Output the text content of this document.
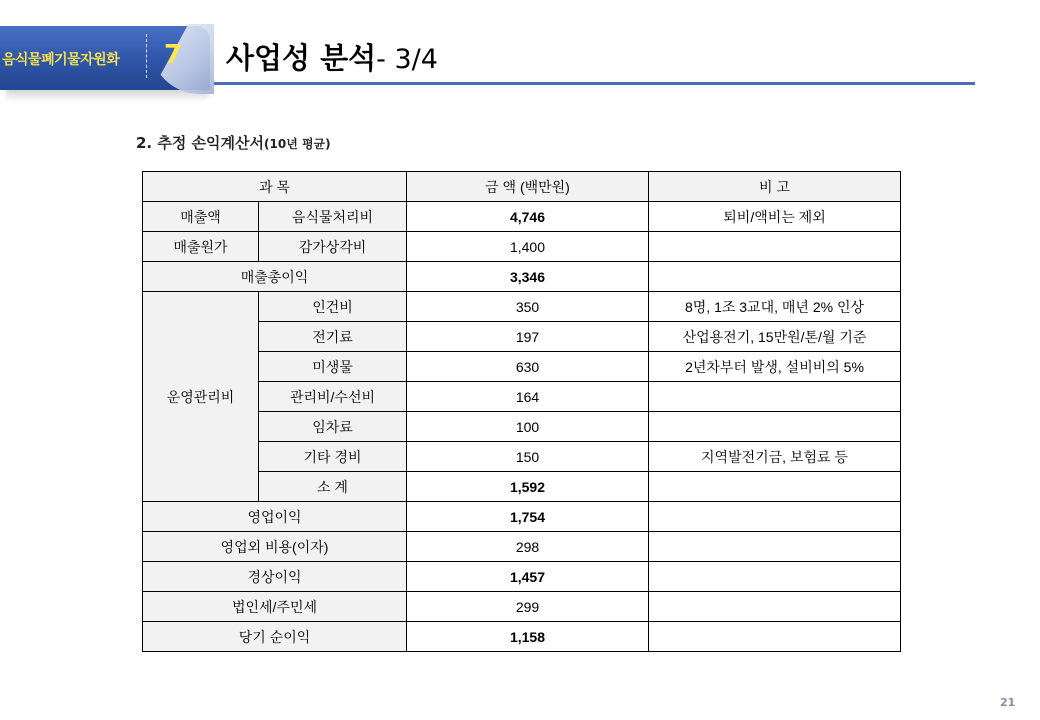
음식물폐기물자원화 7 사업성 분석- 3/4
2. 추정 손익계산서(10년 평균)
과 목		금 액 (백만원)	비 고
매출액	음식물처리비	4,746	퇴비/액비는 제외
매출원가	감가상각비	1,400	
매출총이익		3,346	
운영관리비	인건비	350	8명, 1조 3교대, 매년 2% 인상
	전기료	197	산업용전기, 15만원/톤/월 기준
	미생물	630	2년차부터 발생, 설비비의 5%
	관리비/수선비	164	
	임차료	100	
	기타 경비	150	지역발전기금, 보험료 등
	소 계	1,592	
영업이익		1,754	
영업외 비용(이자)		298	
경상이익		1,457	
법인세/주민세		299	
당기 순이익		1,158	
21
